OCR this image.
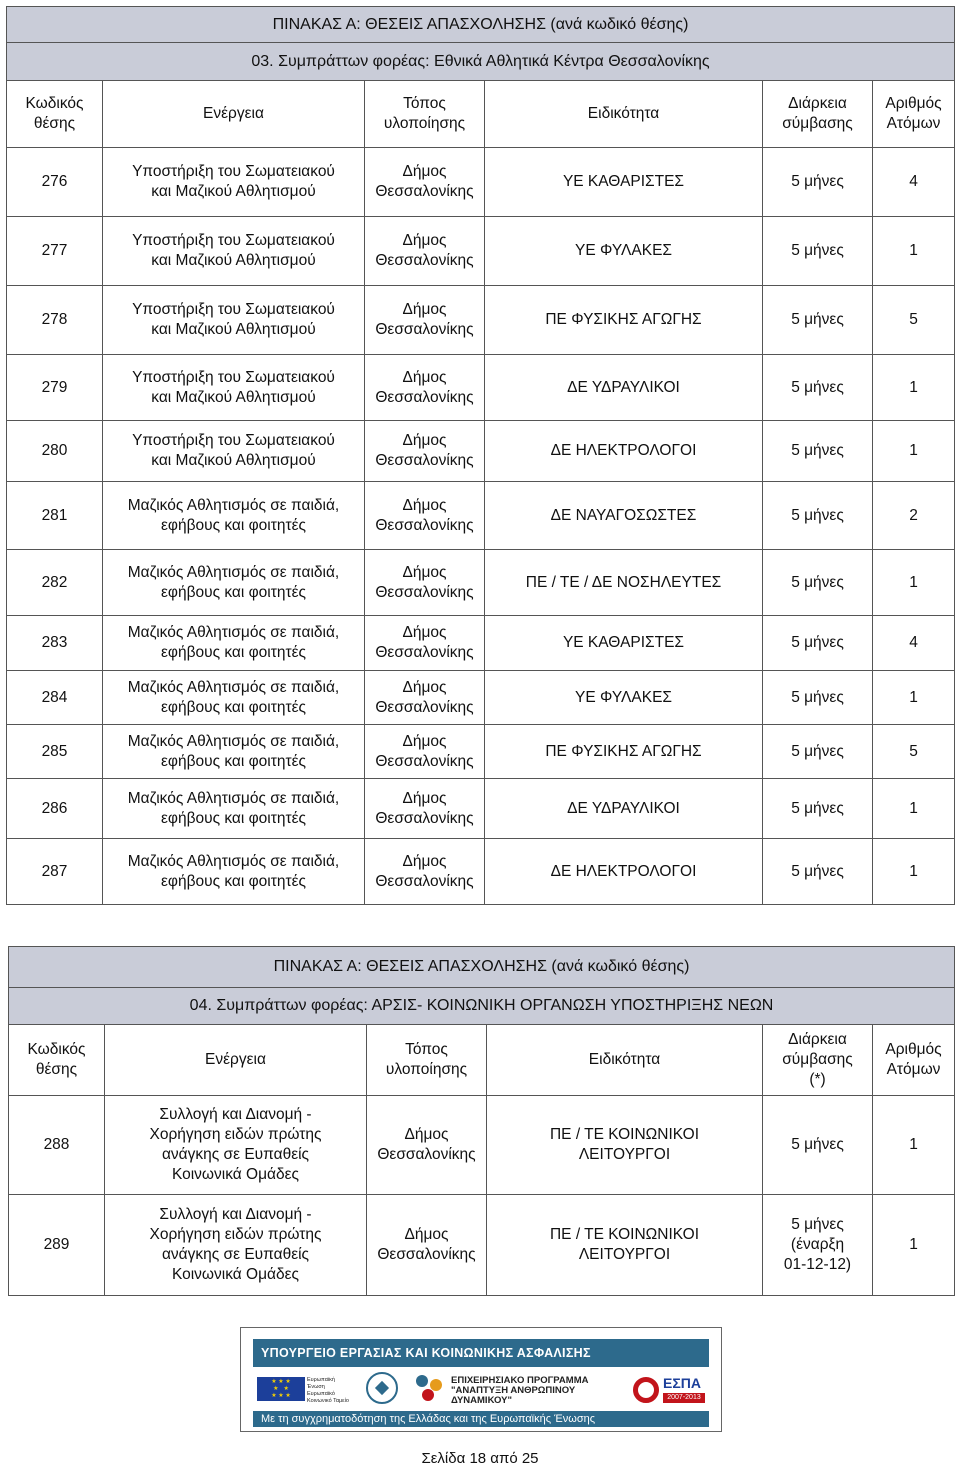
ΠΙΝΑΚΑΣ Α: ΘΕΣΕΙΣ ΑΠΑΣΧΟΛΗΣΗΣ (ανά κωδικό θέσης)					
03. Συμπράττων φορέας: Εθνικά Αθλητικά Κέντρα Θεσσαλονίκης					
Κωδικός
θέσης	Ενέργεια	Τόπος
υλοποίησης	Ειδικότητα	Διάρκεια
σύμβασης	Αριθμός
Ατόμων
276	Υποστήριξη του Σωματειακού
και Μαζικού Αθλητισμού	Δήμος
Θεσσαλονίκης	ΥΕ ΚΑΘΑΡΙΣΤΕΣ	5 μήνες	4
277	Υποστήριξη του Σωματειακού
και Μαζικού Αθλητισμού	Δήμος
Θεσσαλονίκης	ΥΕ ΦΥΛΑΚΕΣ	5 μήνες	1
278	Υποστήριξη του Σωματειακού
και Μαζικού Αθλητισμού	Δήμος
Θεσσαλονίκης	ΠΕ ΦΥΣΙΚΗΣ ΑΓΩΓΗΣ	5 μήνες	5
279	Υποστήριξη του Σωματειακού
και Μαζικού Αθλητισμού	Δήμος
Θεσσαλονίκης	ΔΕ ΥΔΡΑΥΛΙΚΟΙ	5 μήνες	1
280	Υποστήριξη του Σωματειακού
και Μαζικού Αθλητισμού	Δήμος
Θεσσαλονίκης	ΔΕ ΗΛΕΚΤΡΟΛΟΓΟΙ	5 μήνες	1
281	Μαζικός Αθλητισμός σε παιδιά,
εφήβους και φοιτητές	Δήμος
Θεσσαλονίκης	ΔΕ ΝΑΥΑΓΟΣΩΣΤΕΣ	5 μήνες	2
282	Μαζικός Αθλητισμός σε παιδιά,
εφήβους και φοιτητές	Δήμος
Θεσσαλονίκης	ΠΕ / ΤΕ / ΔΕ ΝΟΣΗΛΕΥΤΕΣ	5 μήνες	1
283	Μαζικός Αθλητισμός σε παιδιά,
εφήβους και φοιτητές	Δήμος
Θεσσαλονίκης	ΥΕ ΚΑΘΑΡΙΣΤΕΣ	5 μήνες	4
284	Μαζικός Αθλητισμός σε παιδιά,
εφήβους και φοιτητές	Δήμος
Θεσσαλονίκης	ΥΕ ΦΥΛΑΚΕΣ	5 μήνες	1
285	Μαζικός Αθλητισμός σε παιδιά,
εφήβους και φοιτητές	Δήμος
Θεσσαλονίκης	ΠΕ ΦΥΣΙΚΗΣ ΑΓΩΓΗΣ	5 μήνες	5
286	Μαζικός Αθλητισμός σε παιδιά,
εφήβους και φοιτητές	Δήμος
Θεσσαλονίκης	ΔΕ ΥΔΡΑΥΛΙΚΟΙ	5 μήνες	1
287	Μαζικός Αθλητισμός σε παιδιά,
εφήβους και φοιτητές	Δήμος
Θεσσαλονίκης	ΔΕ ΗΛΕΚΤΡΟΛΟΓΟΙ	5 μήνες	1
ΠΙΝΑΚΑΣ Α: ΘΕΣΕΙΣ ΑΠΑΣΧΟΛΗΣΗΣ (ανά κωδικό θέσης)					
04. Συμπράττων φορέας: ΑΡΣΙΣ- ΚΟΙΝΩΝΙΚΗ ΟΡΓΑΝΩΣΗ ΥΠΟΣΤΗΡΙΞΗΣ ΝΕΩΝ					
Κωδικός
θέσης	Ενέργεια	Τόπος
υλοποίησης	Ειδικότητα	Διάρκεια
σύμβασης
(*)	Αριθμός
Ατόμων
288	Συλλογή και Διανομή -
Χορήγηση ειδών πρώτης
ανάγκης σε Ευπαθείς
Κοινωνικά Ομάδες	Δήμος
Θεσσαλονίκης	ΠΕ / ΤΕ ΚΟΙΝΩΝΙΚΟΙ
ΛΕΙΤΟΥΡΓΟΙ	5 μήνες	1
289	Συλλογή και Διανομή -
Χορήγηση ειδών πρώτης
ανάγκης σε Ευπαθείς
Κοινωνικά Ομάδες	Δήμος
Θεσσαλονίκης	ΠΕ / ΤΕ ΚΟΙΝΩΝΙΚΟΙ
ΛΕΙΤΟΥΡΓΟΙ	5 μήνες
(έναρξη
01-12-12)	1
ΥΠΟΥΡΓΕΙΟ ΕΡΓΑΣΙΑΣ ΚΑΙ ΚΟΙΝΩΝΙΚΗΣ ΑΣΦΑΛΙΣΗΣ
★ ★ ★
★   ★
★ ★ ★
Ευρωπαϊκή Ένωση
Ευρωπαϊκό Κοινωνικό Ταμείο
ΕΠΙΧΕΙΡΗΣΙΑΚΟ ΠΡΟΓΡΑΜΜΑ
"ΑΝΑΠΤΥΞΗ ΑΝΘΡΩΠΙΝΟΥ ΔΥΝΑΜΙΚΟΥ"
ΕΣΠΑ
2007-2013
Με τη συγχρηματοδότηση της Ελλάδας και της Ευρωπαϊκής Ένωσης
Σελίδα 18 από 25
